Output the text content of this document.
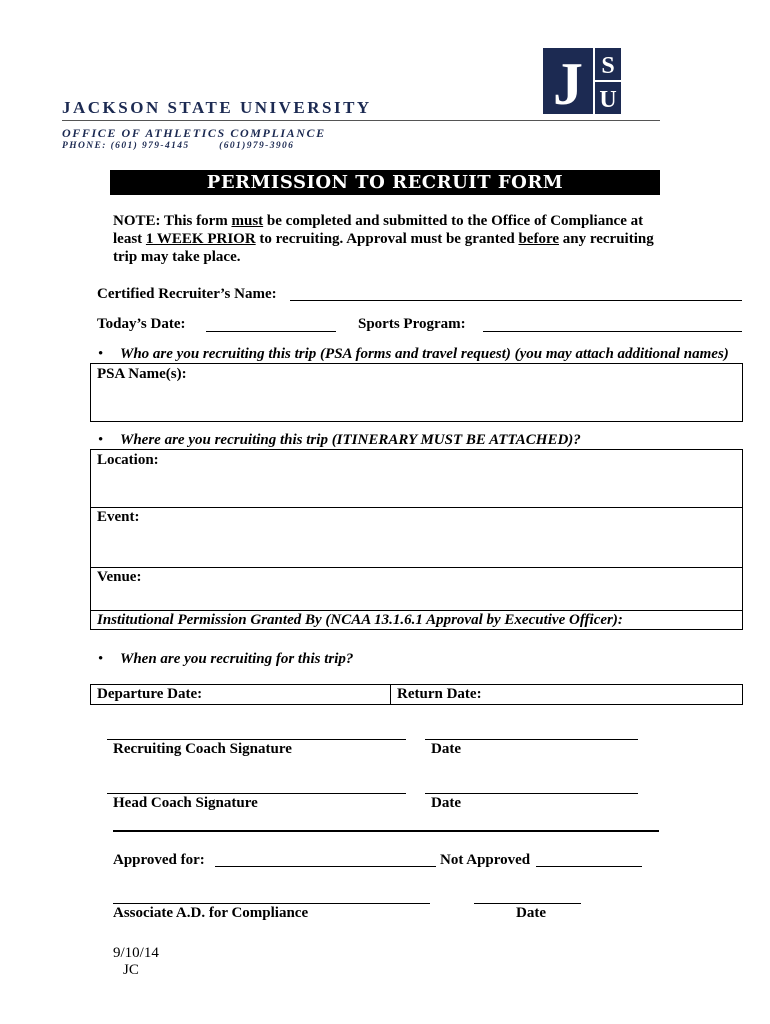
JACKSON STATE UNIVERSITY
OFFICE OF ATHLETICS COMPLIANCE
PHONE: (601) 979-4145	(601)979-3906
J S
U
PERMISSION TO RECRUIT FORM
NOTE: This form must be completed and submitted to the Office of Compliance at least 1 WEEK PRIOR to recruiting. Approval must be granted before any recruiting trip may take place.
Certified Recruiter’s Name:
Today’s Date:	Sports Program:
• Who are you recruiting this trip (PSA forms and travel request) (you may attach additional names)
PSA Name(s):
• Where are you recruiting this trip (ITINERARY MUST BE ATTACHED)?
Location:
Event:
Venue:
Institutional Permission Granted By (NCAA 13.1.6.1 Approval by Executive Officer):
• When are you recruiting for this trip?
Departure Date:	Return Date:
Recruiting Coach Signature	Date
Head Coach Signature	Date
Approved for:	Not Approved
Associate A.D. for Compliance	Date
9/10/14
JC
